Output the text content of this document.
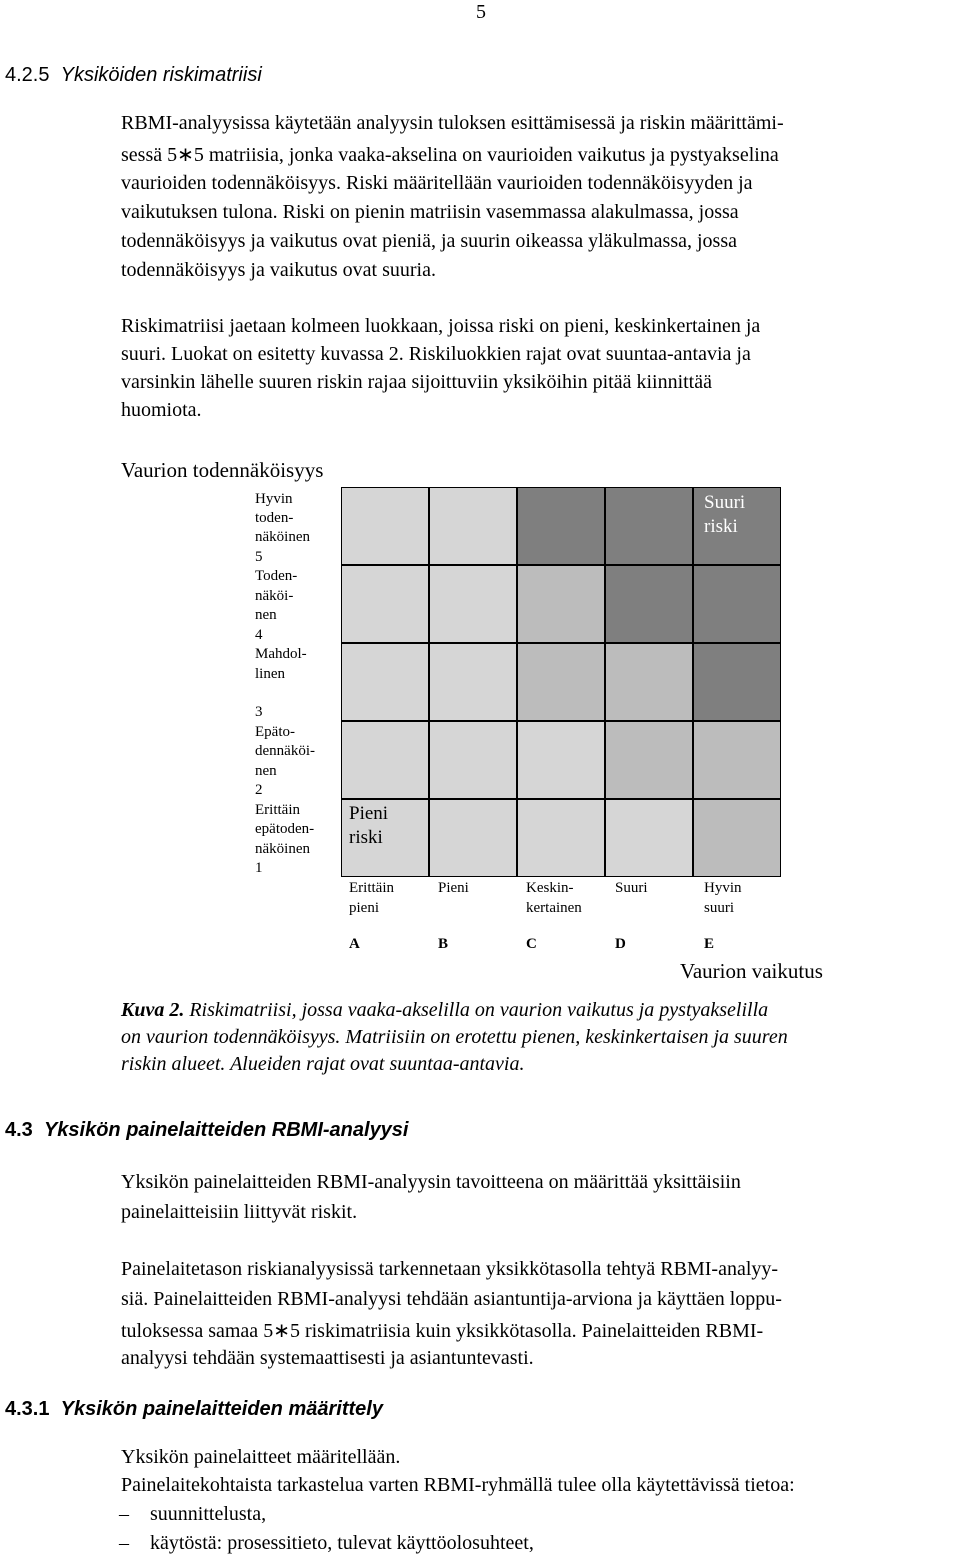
5
4.2.5 Yksiköiden riskimatriisi
RBMI-analyysissa käytetään analyysin tuloksen esittämisessä ja riskin määrittämi-
sessä 5∗5 matriisia, jonka vaaka-akselina on vaurioiden vaikutus ja pystyakselina
vaurioiden todennäköisyys. Riski määritellään vaurioiden todennäköisyyden ja
vaikutuksen tulona. Riski on pienin matriisin vasemmassa alakulmassa, jossa
todennäköisyys ja vaikutus ovat pieniä, ja suurin oikeassa yläkulmassa, jossa
todennäköisyys ja vaikutus ovat suuria.
Riskimatriisi jaetaan kolmeen luokkaan, joissa riski on pieni, keskinkertainen ja
suuri. Luokat on esitetty kuvassa 2. Riskiluokkien rajat ovat suuntaa-antavia ja
varsinkin lähelle suuren riskin rajaa sijoittuviin yksiköihin pitää kiinnittää
huomiota.
Vaurion todennäköisyys
Hyvin
toden-
näköinen
5
Toden-
näköi-
nen
4
Mahdol-
linen
3
Epäto-
dennäköi-
nen
2
Erittäin
epätoden-
näköinen
1
Suuri
riski
Pieni
riski
Erittäin
pieni
Pieni	Keskin-
kertainen
Suuri	Hyvin
suuri
A	B	C	D	E
Vaurion vaikutus
Kuva 2. Riskimatriisi, jossa vaaka-akselilla on vaurion vaikutus ja pystyakselilla
on vaurion todennäköisyys. Matriisiin on erotettu pienen, keskinkertaisen ja suuren
riskin alueet. Alueiden rajat ovat suuntaa-antavia.
4.3 Yksikön painelaitteiden RBMI-analyysi
Yksikön painelaitteiden RBMI-analyysin tavoitteena on määrittää yksittäisiin
painelaitteisiin liittyvät riskit.
Painelaitetason riskianalyysissä tarkennetaan yksikkötasolla tehtyä RBMI-analyy-
siä. Painelaitteiden RBMI-analyysi tehdään asiantuntija-arviona ja käyttäen loppu-
tuloksessa samaa 5∗5 riskimatriisia kuin yksikkötasolla. Painelaitteiden RBMI-
analyysi tehdään systemaattisesti ja asiantuntevasti.
4.3.1 Yksikön painelaitteiden määrittely
Yksikön painelaitteet määritellään.
Painelaitekohtaista tarkastelua varten RBMI-ryhmällä tulee olla käytettävissä tietoa:
– suunnittelusta,
– käytöstä: prosessitieto, tulevat käyttöolosuhteet,
